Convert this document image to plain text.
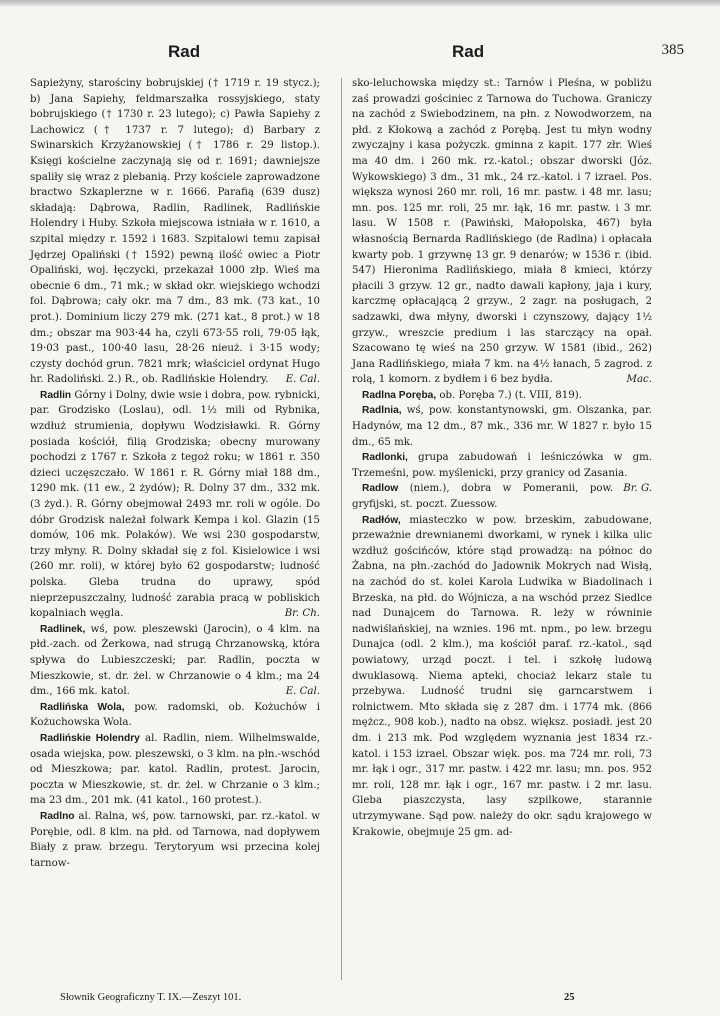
Rad	Rad	385

Sapieżyny, starościny bobrujskiej († 1719 r. 19 stycz.); b) Jana Sapiehy, feldmarszałka rossyjskiego, staty bobrujskiego († 1730 r. 23 lutego); c) Pawła Sapiehy z Lachowicz († 1737 r. 7 lutego); d) Barbary z Swinarskich Krzyżanowskiej († 1786 r. 29 listop.). Księgi kościelne zaczynają się od r. 1691; dawniejsze spaliły się wraz z plebanią. Przy kościele zaprowadzone bractwo Szkaplerzne w r. 1666. Parafią (639 dusz) składają: Dąbrowa, Radlin, Radlinek, Radlińskie Holendry i Huby. Szkoła miejscowa istniała w r. 1610, a szpital między r. 1592 i 1683. Szpitalowi temu zapisał Jędrzej Opaliński († 1592) pewną ilość owiec a Piotr Opaliński, woj. łęczycki, przekazał 1000 złp. Wieś ma obecnie 6 dm., 71 mk.; w skład okr. wiejskiego wchodzi fol. Dąbrowa; cały okr. ma 7 dm., 83 mk. (73 kat., 10 prot.). Dominium liczy 279 mk. (271 kat., 8 prot.) w 18 dm.; obszar ma 903·44 ha, czyli 673·55 roli, 79·05 łąk, 19·03 past., 100·40 lasu, 28·26 nieuż. i 3·15 wody; czysty dochód grun. 7821 mrk; właściciel ordynat Hugo hr. Radoliński. 2.) R., ob. Radlińskie Holendry. E. Cal.

Radlin Górny i Dolny, dwie wsie i dobra, pow. rybnicki, par. Grodzisko (Loslau), odl. 1½ mili od Rybnika, wzdłuż strumienia, dopływu Wodzisławki. R. Górny posiada kościół, filią Grodziska; obecny murowany pochodzi z 1767 r. Szkoła z tegoż roku; w 1861 r. 350 dzieci uczęszczało. W 1861 r. R. Górny miał 188 dm., 1290 mk. (11 ew., 2 żydów); R. Dolny 37 dm., 332 mk. (3 żyd.). R. Górny obejmował 2493 mr. roli w ogóle. Do dóbr Grodzisk należał folwark Kempa i kol. Glazin (15 domów, 106 mk. Polaków). We wsi 230 gospodarstw, trzy młyny. R. Dolny składał się z fol. Kisielowice i wsi (260 mr. roli), w której było 62 gospodarstw; ludność polska. Gleba trudna do uprawy, spód nieprzepuszczalny, ludność zarabia pracą w pobliskich kopalniach węgla.	Br. Ch.

Radlinek, wś, pow. pleszewski (Jarocin), o 4 klm. na płd.-zach. od Żerkowa, nad strugą Chrzanowską, która spływa do Lubieszczeski; par. Radlin, poczta w Mieszkowie, st. dr. żel. w Chrzanowie o 4 klm.; ma 24 dm., 166 mk. katol.	E. Cal.

Radlińska Wola, pow. radomski, ob. Kożuchów i Kożuchowska Wola.

Radlińskie Holendry al. Radlin, niem. Wilhelmswalde, osada wiejska, pow. pleszewski, o 3 klm. na płn.-wschód od Mieszkowa; par. katol. Radlin, protest. Jarocin, poczta w Mieszkowie, st. dr. żel. w Chrzanie o 3 klm.; ma 23 dm., 201 mk. (41 katol., 160 protest.).

Radlno al. Ralna, wś, pow. tarnowski, par. rz.-katol. w Porębie, odl. 8 klm. na płd. od Tarnowa, nad dopływem Biały z praw. brzegu. Terytoryum wsi przecina kolej tarnow-

sko-leluchowska między st.: Tarnów i Pleśna, w pobliżu zaś prowadzi gościniec z Tarnowa do Tuchowa. Graniczy na zachód z Swiebodzinem, na płn. z Nowodworzem, na płd. z Kłokową a zachód z Porębą. Jest tu młyn wodny zwyczajny i kasa pożyczk. gminna z kapit. 177 złr. Wieś ma 40 dm. i 260 mk. rz.-katol.; obszar dworski (Józ. Wykowskiego) 3 dm., 31 mk., 24 rz.-katol. i 7 izrael. Pos. większa wynosi 260 mr. roli, 16 mr. pastw. i 48 mr. lasu; mn. pos. 125 mr. roli, 25 mr. łąk, 16 mr. pastw. i 3 mr. lasu. W 1508 r. (Pawiński, Małopolska, 467) była własnością Bernarda Radlińskiego (de Radlna) i opłacała kwarty pob. 1 grzywnę 13 gr. 9 denarów; w 1536 r. (ibid. 547) Hieronima Radlińskiego, miała 8 kmieci, którzy płacili 3 grzyw. 12 gr., nadto dawali kapłony, jaja i kury, karczmę opłacającą 2 grzyw., 2 zagr. na posługach, 2 sadzawki, dwa młyny, dworski i czynszowy, dający 1½ grzyw., wreszcie predium i las starczący na opał. Szacowano tę wieś na 250 grzyw. W 1581 (ibid., 262) Jana Radlińskiego, miała 7 km. na 4½ łanach, 5 zagrod. z rolą, 1 komorn. z bydłem i 6 bez bydła.	Mac.

Radlna Poręba, ob. Poręba 7.) (t. VIII, 819).

Radlnia, wś, pow. konstantynowski, gm. Olszanka, par. Hadynów, ma 12 dm., 87 mk., 336 mr. W 1827 r. było 15 dm., 65 mk.

Radlonki, grupa zabudowań i leśniczówka w gm. Trzemeśni, pow. myślenicki, przy granicy od Zasania.
Br. G.

Radlow (niem.), dobra w Pomeranii, pow. gryfijski, st. poczt. Zuessow.

Radłów, miasteczko w pow. brzeskim, zabudowane, przeważnie drewnianemi dworkami, w rynek i kilka ulic wzdłuż gościńców, które stąd prowadzą: na północ do Żabna, na płn.-zachód do Jadownik Mokrych nad Wisłą, na zachód do st. kolei Karola Ludwika w Biadolinach i Brzeska, na płd. do Wójnicza, a na wschód przez Siedlce nad Dunajcem do Tarnowa. R. leży w równinie nadwiślańskiej, na wznies. 196 mt. npm., po lew. brzegu Dunajca (odl. 2 klm.), ma kościół paraf. rz.-katol., sąd powiatowy, urząd poczt. i tel. i szkołę ludową dwuklasową. Niema apteki, chociaż lekarz stale tu przebywa. Ludność trudni się garncarstwem i rolnictwem. Mto składa się z 287 dm. i 1774 mk. (866 mężcz., 908 kob.), nadto na obsz. większ. posiadł. jest 20 dm. i 213 mk. Pod względem wyznania jest 1834 rz.-katol. i 153 izrael. Obszar więk. pos. ma 724 mr. roli, 73 mr. łąk i ogr., 317 mr. pastw. i 422 mr. lasu; mn. pos. 952 mr. roli, 128 mr. łąk i ogr., 167 mr. pastw. i 2 mr. lasu. Gleba piaszczysta, lasy szpilkowe, starannie utrzymywane. Sąd pow. należy do okr. sądu krajowego w Krakowie, obejmuje 25 gm. ad-

Słownik Geograficzny T. IX.—Zeszyt 101.	25
